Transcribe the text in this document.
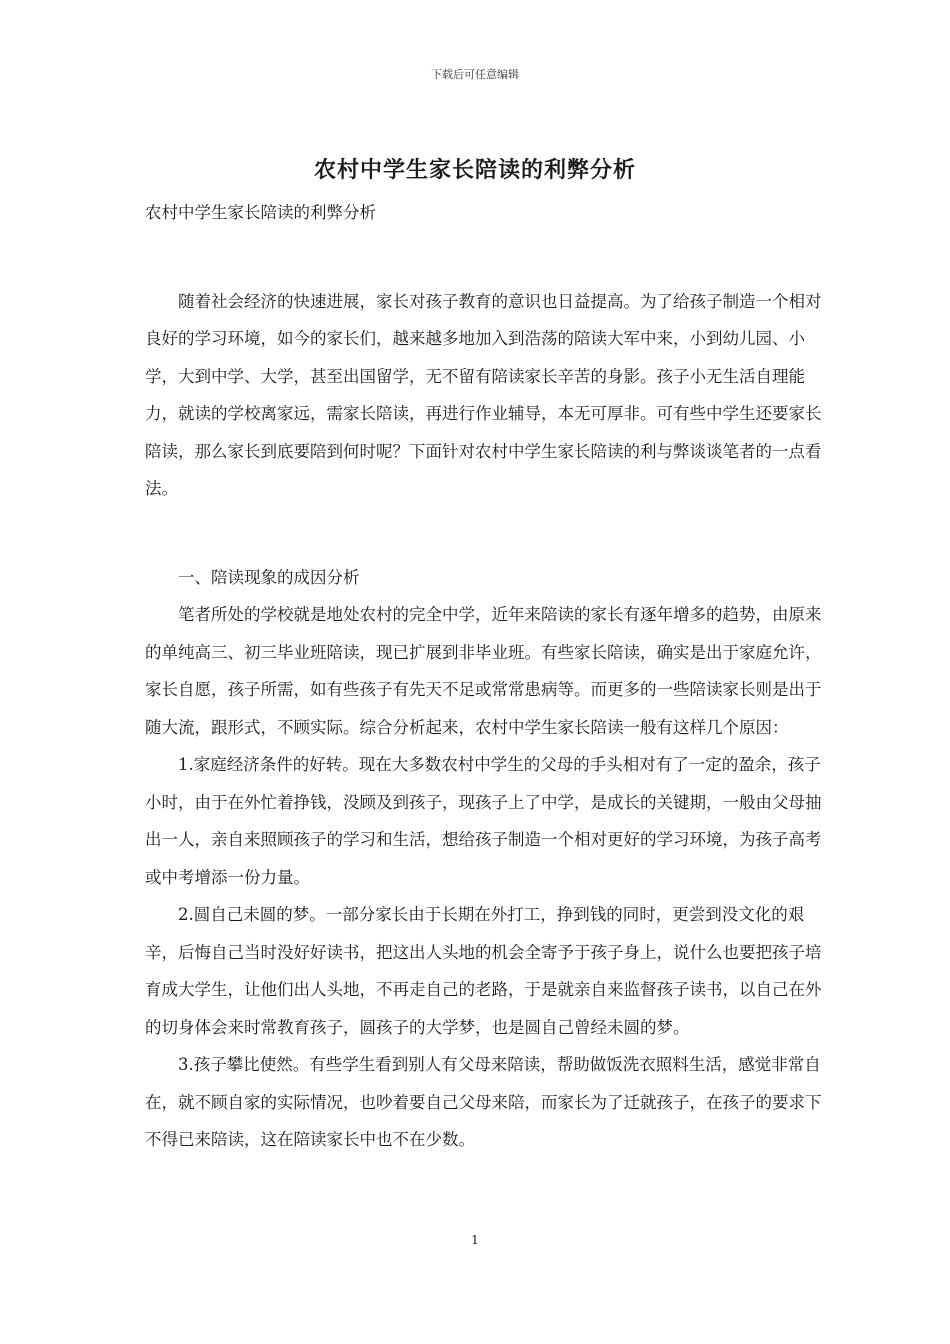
下载后可任意编辑
农村中学生家长陪读的利弊分析

农村中学生家长陪读的利弊分析

随着社会经济的快速进展，家长对孩子教育的意识也日益提高。为了给孩子制造一个相对良好的学习环境，如今的家长们，越来越多地加入到浩荡的陪读大军中来，小到幼儿园、小学，大到中学、大学，甚至出国留学，无不留有陪读家长辛苦的身影。孩子小无生活自理能力，就读的学校离家远，需家长陪读，再进行作业辅导，本无可厚非。可有些中学生还要家长陪读，那么家长到底要陪到何时呢？下面针对农村中学生家长陪读的利与弊谈谈笔者的一点看法。

一、陪读现象的成因分析

笔者所处的学校就是地处农村的完全中学，近年来陪读的家长有逐年增多的趋势，由原来的单纯高三、初三毕业班陪读，现已扩展到非毕业班。有些家长陪读，确实是出于家庭允许，家长自愿，孩子所需，如有些孩子有先天不足或常常患病等。而更多的一些陪读家长则是出于随大流，跟形式，不顾实际。综合分析起来，农村中学生家长陪读一般有这样几个原因：

1.家庭经济条件的好转。现在大多数农村中学生的父母的手头相对有了一定的盈余，孩子小时，由于在外忙着挣钱，没顾及到孩子，现孩子上了中学，是成长的关键期，一般由父母抽出一人，亲自来照顾孩子的学习和生活，想给孩子制造一个相对更好的学习环境，为孩子高考或中考增添一份力量。

2.圆自己未圆的梦。一部分家长由于长期在外打工，挣到钱的同时，更尝到没文化的艰辛，后悔自己当时没好好读书，把这出人头地的机会全寄予于孩子身上，说什么也要把孩子培育成大学生，让他们出人头地，不再走自己的老路，于是就亲自来监督孩子读书，以自己在外的切身体会来时常教育孩子，圆孩子的大学梦，也是圆自己曾经未圆的梦。

3.孩子攀比使然。有些学生看到别人有父母来陪读，帮助做饭洗衣照料生活，感觉非常自在，就不顾自家的实际情况，也吵着要自己父母来陪，而家长为了迁就孩子，在孩子的要求下不得已来陪读，这在陪读家长中也不在少数。

1
